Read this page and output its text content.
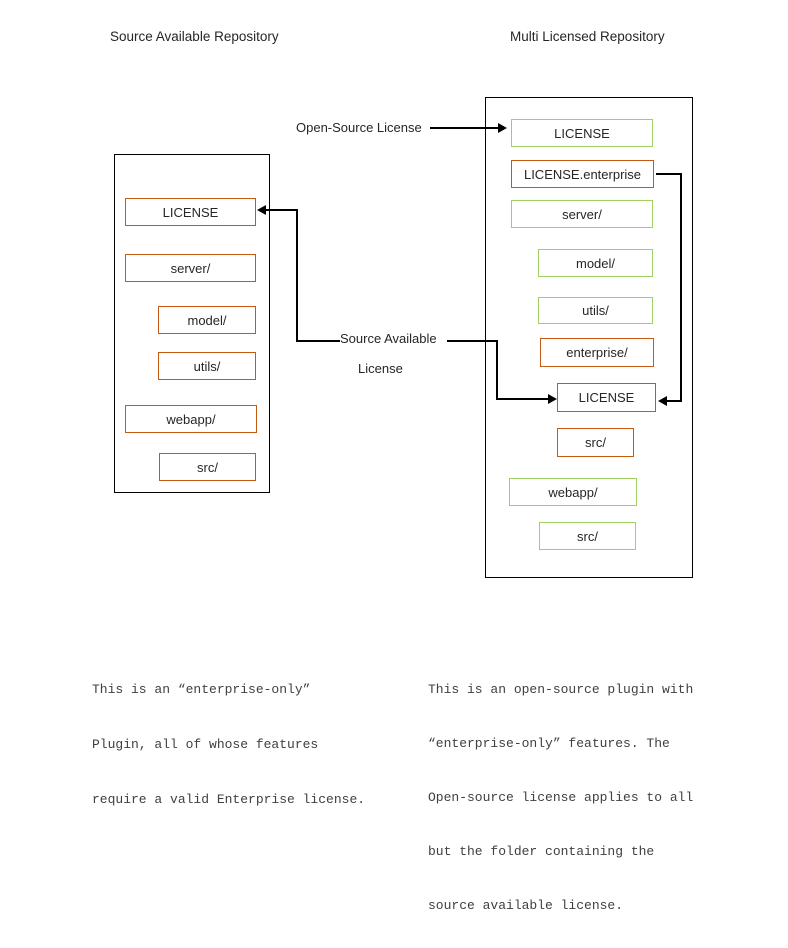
Source Available Repository	Multi Licensed Repository
LICENSE
server/
model/
utils/
webapp/
src/
LICENSE
LICENSE.enterprise
server/
model/
utils/
enterprise/
LICENSE
src/
webapp/
src/
Open-Source License
Source Available
License

This is an “enterprise-only”

Plugin, all of whose features

require a valid Enterprise license.

This is an open-source plugin with

“enterprise-only” features. The

Open-source license applies to all

but the folder containing the

source available license.
